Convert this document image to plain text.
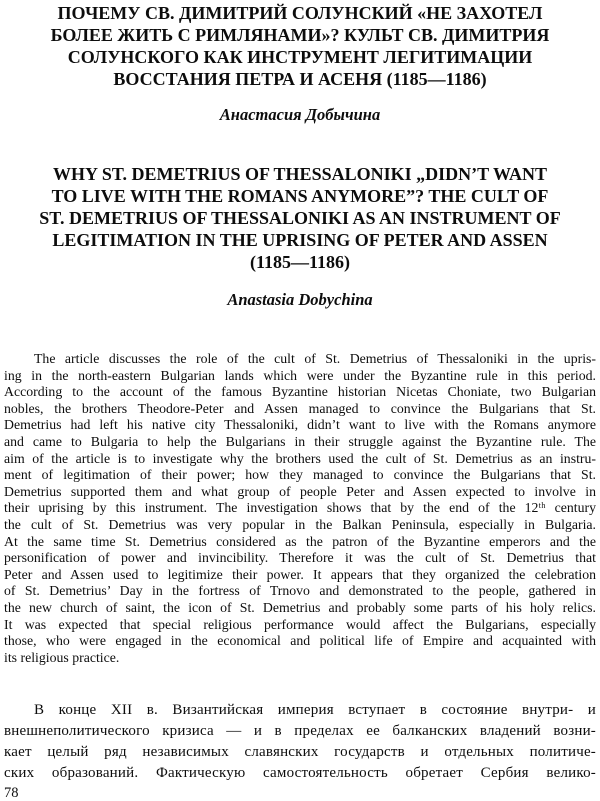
ПОЧЕМУ СВ. ДИМИТРИЙ СОЛУНСКИЙ «НЕ ЗАХОТЕЛ
БОЛЕЕ ЖИТЬ С РИМЛЯНАМИ»? КУЛЬТ СВ. ДИМИТРИЯ
СОЛУНСКОГО КАК ИНСТРУМЕНТ ЛЕГИТИМАЦИИ
ВОССТАНИЯ ПЕТРА И АСЕНЯ (1185—1186)
Анастасия Добычина
WHY ST. DEMETRIUS OF THESSALONIKI „DIDN’T WANT
TO LIVE WITH THE ROMANS ANYMORE”? THE CULT OF
ST. DEMETRIUS OF THESSALONIKI AS AN INSTRUMENT OF
LEGITIMATION IN THE UPRISING OF PETER AND ASSEN
(1185—1186)
Anastasia Dobychina
The article discusses the role of the cult of St. Demetrius of Thessaloniki in the upris-
ing in the north-eastern Bulgarian lands which were under the Byzantine rule in this period.
According to the account of the famous Byzantine historian Nicetas Choniate, two Bulgarian
nobles, the brothers Theodore-Peter and Assen managed to convince the Bulgarians that St.
Demetrius had left his native city Thessaloniki, didn’t want to live with the Romans anymore
and came to Bulgaria to help the Bulgarians in their struggle against the Byzantine rule. The
aim of the article is to investigate why the brothers used the cult of St. Demetrius as an instru-
ment of legitimation of their power; how they managed to convince the Bulgarians that St.
Demetrius supported them and what group of people Peter and Assen expected to involve in
their uprising by this instrument. The investigation shows that by the end of the 12ᵗʰ century
the cult of St. Demetrius was very popular in the Balkan Peninsula, especially in Bulgaria.
At the same time St. Demetrius considered as the patron of the Byzantine emperors and the
personification of power and invincibility. Therefore it was the cult of St. Demetrius that
Peter and Assen used to legitimize their power. It appears that they organized the celebration
of St. Demetrius’ Day in the fortress of Trnovo and demonstrated to the people, gathered in
the new church of saint, the icon of St. Demetrius and probably some parts of his holy relics.
It was expected that special religious performance would affect the Bulgarians, especially
those, who were engaged in the economical and political life of Empire and acquainted with
its religious practice.
В конце XII в. Византийская империя вступает в состояние внутри- и
внешнеполитического кризиса — и в пределах ее балканских владений возни-
кает целый ряд независимых славянских государств и отдельных политиче-
ских образований. Фактическую самостоятельность обретает Сербия велико-
78
